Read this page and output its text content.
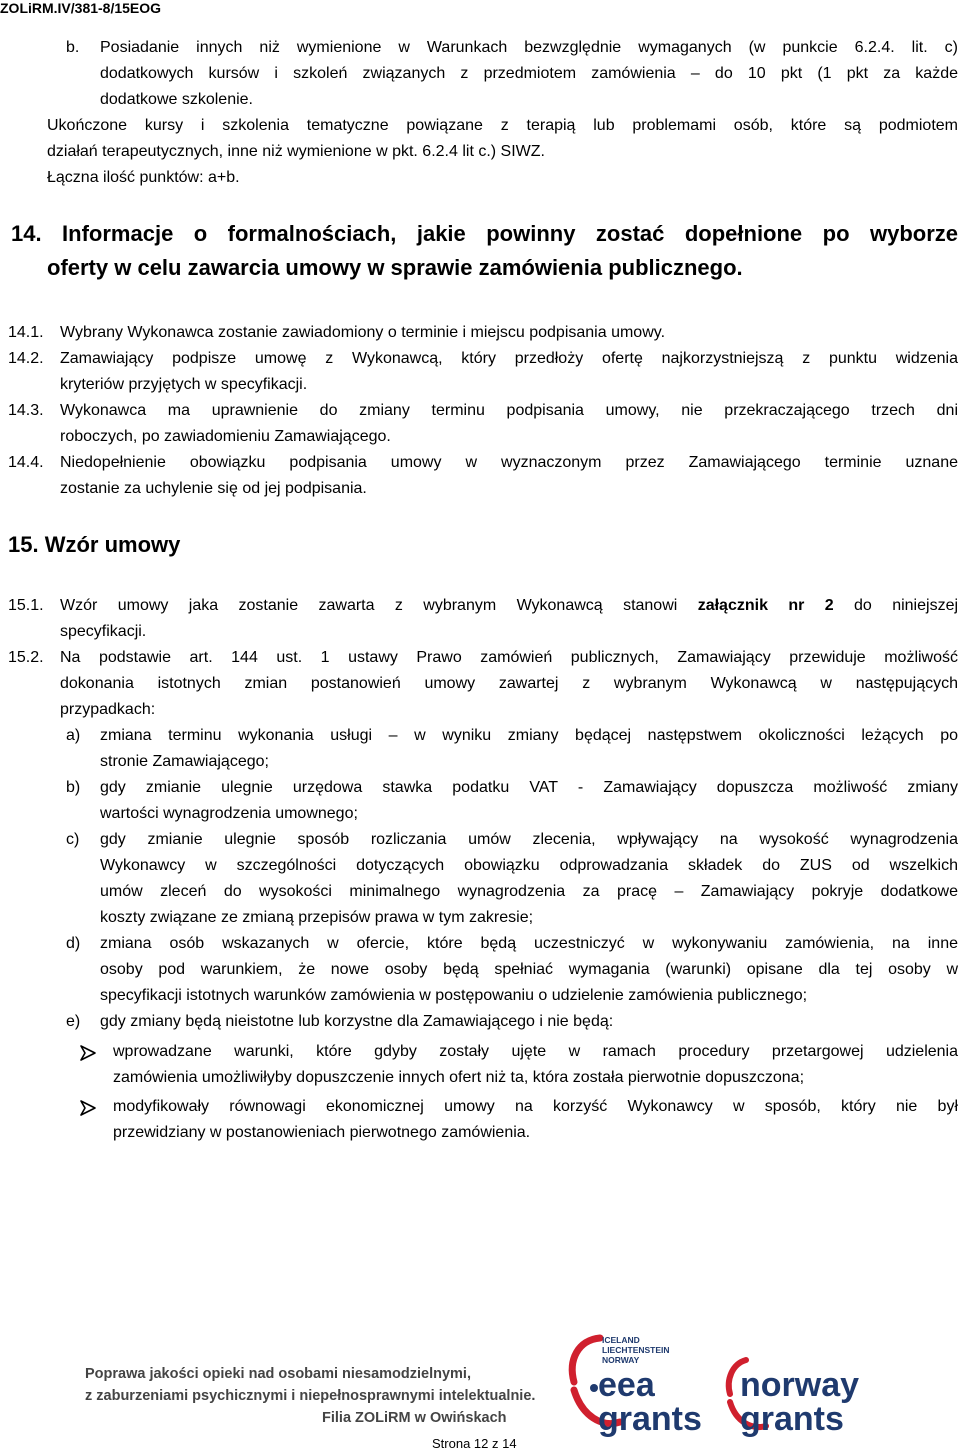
ZOLiRM.IV/381-8/15EOG
b. Posiadanie innych niż wymienione w Warunkach bezwzględnie wymaganych (w punkcie 6.2.4. lit. c)
dodatkowych kursów i szkoleń związanych z przedmiotem zamówienia – do 10 pkt (1 pkt za każde
dodatkowe szkolenie.
Ukończone kursy i szkolenia tematyczne powiązane z terapią lub problemami osób, które są podmiotem
działań terapeutycznych, inne niż wymienione w pkt. 6.2.4 lit c.) SIWZ.
Łączna ilość punktów: a+b.
14. Informacje o formalnościach, jakie powinny zostać dopełnione po wyborze
oferty w celu zawarcia umowy w sprawie zamówienia publicznego.
14.1. Wybrany Wykonawca zostanie zawiadomiony o terminie i miejscu podpisania umowy.
14.2. Zamawiający podpisze umowę z Wykonawcą, który przedłoży ofertę najkorzystniejszą z punktu widzenia
kryteriów przyjętych w specyfikacji.
14.3. Wykonawca ma uprawnienie do zmiany terminu podpisania umowy, nie przekraczającego trzech dni
roboczych, po zawiadomieniu Zamawiającego.
14.4. Niedopełnienie obowiązku podpisania umowy w wyznaczonym przez Zamawiającego terminie uznane
zostanie za uchylenie się od jej podpisania.
15. Wzór umowy
15.1. Wzór umowy jaka zostanie zawarta z wybranym Wykonawcą stanowi załącznik nr 2 do niniejszej
specyfikacji.
15.2. Na podstawie art. 144 ust. 1 ustawy Prawo zamówień publicznych, Zamawiający przewiduje możliwość
dokonania istotnych zmian postanowień umowy zawartej z wybranym Wykonawcą w następujących
przypadkach:
a) zmiana terminu wykonania usługi – w wyniku zmiany będącej następstwem okoliczności leżących po
stronie Zamawiającego;
b) gdy zmianie ulegnie urzędowa stawka podatku VAT - Zamawiający dopuszcza możliwość zmiany
wartości wynagrodzenia umownego;
c) gdy zmianie ulegnie sposób rozliczania umów zlecenia, wpływający na wysokość wynagrodzenia
Wykonawcy w szczególności dotyczących obowiązku odprowadzania składek do ZUS od wszelkich
umów zleceń do wysokości minimalnego wynagrodzenia za pracę – Zamawiający pokryje dodatkowe
koszty związane ze zmianą przepisów prawa w tym zakresie;
d) zmiana osób wskazanych w ofercie, które będą uczestniczyć w wykonywaniu zamówienia, na inne
osoby pod warunkiem, że nowe osoby będą spełniać wymagania (warunki) opisane dla tej osoby w
specyfikacji istotnych warunków zamówienia w postępowaniu o udzielenie zamówienia publicznego;
e) gdy zmiany będą nieistotne lub korzystne dla Zamawiającego i nie będą:
wprowadzane warunki, które gdyby zostały ujęte w ramach procedury przetargowej udzielenia
zamówienia umożliwiłyby dopuszczenie innych ofert niż ta, która została pierwotnie dopuszczona;
modyfikowały równowagi ekonomicznej umowy na korzyść Wykonawcy w sposób, który nie był
przewidziany w postanowieniach pierwotnego zamówienia.
Poprawa jakości opieki nad osobami niesamodzielnymi,
z zaburzeniami psychicznymi i niepełnosprawnymi intelektualnie.
Filia ZOLiRM w Owińskach
ICELAND
LIECHTENSTEIN
NORWAY
eea
grants
norway
grants
Strona 12 z 14
